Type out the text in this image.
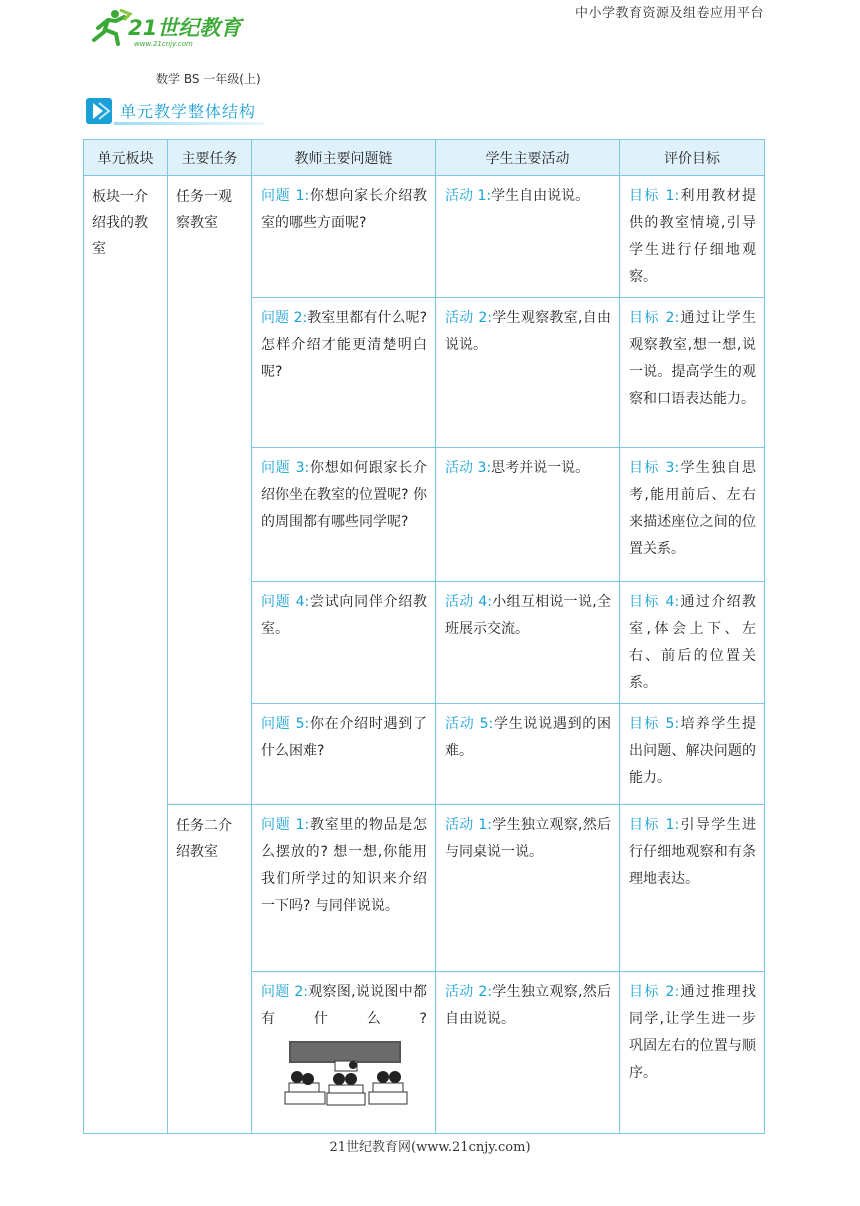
21世纪教育
www.21cnjy.com
中小学教育资源及组卷应用平台
数学 BS 一年级(上)
单元教学整体结构
单元板块	主要任务	教师主要问题链	学生主要活动	评价目标
板块一介绍我的教室	任务一观察教室	问题 1:你想向家长介绍教室的哪些方面呢?	活动 1:学生自由说说。	目标 1:利用教材提供的教室情境,引导学生进行仔细地观察。
		问题 2:教室里都有什么呢? 怎样介绍才能更清楚明白呢?	活动 2:学生观察教室,自由说说。	目标 2:通过让学生观察教室,想一想,说一说。提高学生的观察和口语表达能力。
		问题 3:你想如何跟家长介绍你坐在教室的位置呢? 你的周围都有哪些同学呢?	活动 3:思考并说一说。	目标 3:学生独自思考,能用前后、左右来描述座位之间的位置关系。
		问题 4:尝试向同伴介绍教室。	活动 4:小组互相说一说,全班展示交流。	目标 4:通过介绍教室,体会上下、左右、前后的位置关系。
		问题 5:你在介绍时遇到了什么困难?	活动 5:学生说说遇到的困难。	目标 5:培养学生提出问题、解决问题的能力。
	任务二介绍教室	问题 1:教室里的物品是怎么摆放的? 想一想,你能用我们所学过的知识来介绍一下吗? 与同伴说说。	活动 1:学生独立观察,然后与同桌说一说。	目标 1:引导学生进行仔细地观察和有条理地表达。
		问题 2:观察图,说说图中都有什么?	活动 2:学生独立观察,然后自由说说。	目标 2:通过推理找同学,让学生进一步巩固左右的位置与顺序。
21世纪教育网(www.21cnjy.com)
